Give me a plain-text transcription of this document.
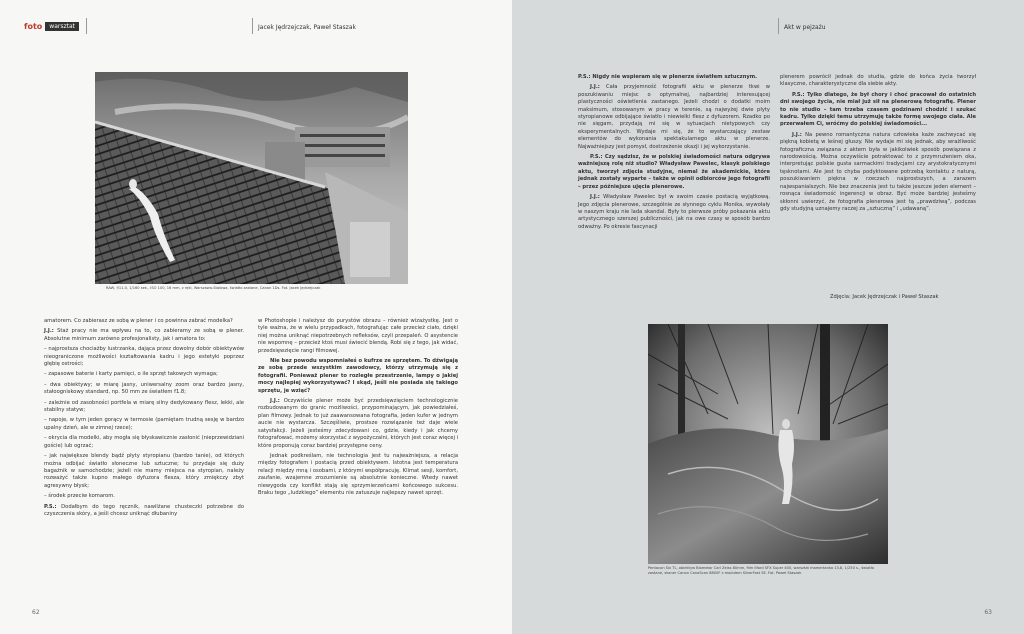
foto	warsztat	Jacek Jędrzejczak, Paweł Staszak
RAW, f/11.0, 1/160 sek., ISO 100, 16 mm, z ręki, Warszawa-Stalowa, światło zastane, Canon 1Ds. Fot. Jacek Jędrzejczak

amatorem. Co zabierasz ze sobą w plener i co powinna zabrać modelka?

J.J.: Staż pracy nie ma wpływu na to, co zabieramy ze sobą w plener. Absolutne minimum zarówno profesjonalisty, jak i amatora to:

– najprostsza chociażby lustrzanka, dająca przez dowolny dobór obiektywów nieograniczone możliwości kształtowania kadru i jego estetyki poprzez głębię ostrości;

– zapasowe baterie i karty pamięci, o ile sprzęt takowych wymaga;

– dwa obiektywy; w miarę jasny, uniwersalny zoom oraz bardzo jasny, stałoogniskowy standard, np. 50 mm ze światłem f1.8;

– zależnie od zasobności portfela w miarę silny dedykowany flesz, lekki, ale stabilny statyw;

– napoje, w tym jeden gorący w termosie (pamiętam trudną sesję w bardzo upalny dzień, ale w zimnej rzece);

– okrycia dla modelki, aby mogła się błyskawicznie zasłonić (nieprzewidziani goście) lub ogrzać;

– jak największe blendy bądź płyty styropianu (bardzo tanie), od których można odbijać światło słoneczne lub sztuczne; tu przydaje się duży bagażnik w samochodzie; jeżeli nie mamy miejsca na styropian, należy rozważyć także kupno małego dyfuzora flesza, który zmiękczy zbyt agresywny błysk;

– środek przeciw komarom.

P.S.: Dodałbym do tego ręcznik, nawilżane chusteczki potrzebne do czyszczenia skóry, a jeśli chcesz uniknąć dłubaniny

w Photoshopie i należysz do purystów obrazu – również wizażystkę. Jest o tyle ważna, że w wielu przypadkach, fotografując całe przecież ciało, dzięki niej można uniknąć niepotrzebnych refleksów, czyli przepaleń. O asystencie nie wspomnę – przecież ktoś musi świecić blendą. Robi się z tego, jak widać, przedsięwzięcie rangi filmowej.

Nie bez powodu wspomniałeś o kufrze ze sprzętem. To dźwigają ze sobą przede wszystkim zawodowcy, którzy utrzymują się z fotografii. Ponieważ plener to rozległe przestrzenie, lampy o jakiej mocy najlepiej wykorzystywać? I skąd, jeśli nie posiada się takiego sprzętu, je wziąć?

J.J.: Oczywiście plener może być przedsięwzięciem technologicznie rozbudowanym do granic możliwości, przypominającym, jak powiedziałeś, plan filmowy. Jednak to już zaawansowana fotografia, jeden kufer w jednym aucie nie wystarcza. Szczęśliwie, prostsze rozwiązanie też daje wiele satysfakcji. Jeżeli jesteśmy zdecydowani co, gdzie, kiedy i jak chcemy fotografować, możemy skorzystać z wypożyczalni, których jest coraz więcej i które proponują coraz bardziej przystępne ceny.

Jednak podkreślam, nie technologia jest tu najważniejsza, a relacja między fotografem i postacią przed obiektywem. Istotna jest temperatura relacji między mną i osobami, z którymi współpracuję. Klimat sesji, komfort, zaufanie, wzajemne zrozumienie są absolutnie konieczne. Wtedy nawet niewygoda czy konflikt stają się sprzymierzeńcami końcowego sukcesu. Braku tego „ludzkiego” elementu nie zatuszuje najlepszy nawet sprzęt.

62
Akt w pejzażu

P.S.: Nigdy nie wspieram się w plenerze światłem sztucznym.

J.J.: Cała przyjemność fotografii aktu w plenerze tkwi w poszukiwaniu miejsc o optymalnej, najbardziej interesującej plastyczności oświetlenia zastanego. Jeżeli chodzi o dodatki moim maksimum, stosowanym w pracy w terenie, są najwyżej dwie płyty styropianowe odbijające światło i niewielki flesz z dyfuzorem. Rzadko po nie sięgam, przydają mi się w sytuacjach nietypowych czy eksperymentalnych. Wydaje mi się, że to wystarczający zestaw elementów do wykonania spektakularnego aktu w plenerze. Najważniejszy jest pomysł, dostrzeżenie okazji i jej wykorzystanie.

P.S.: Czy sądzisz, że w polskiej świadomości natura odgrywa ważniejszą rolę niż studio? Władysław Pawelec, klasyk polskiego aktu, tworzył zdjęcia studyjne, niemal że akademickie, które jednak zostały wyparte – także w opinii odbiorców jego fotografii – przez późniejsze ujęcia plenerowe.

J.J.: Władysław Pawelec był w swoim czasie postacią wyjątkową. Jego zdjęcia plenerowe, szczególnie ze słynnego cyklu Monika, wywołały w naszym kraju nie lada skandal. Były to pierwsze próby pokazania aktu artystycznego szerszej publiczności, jak na owe czasy w sposób bardzo odważny. Po okresie fascynacji

plenerem powrócił jednak do studia, gdzie do końca życia tworzył klasyczne, charakterystyczne dla siebie akty.

P.S.: Tylko dlatego, że był chory i choć pracował do ostatnich dni swojego życia, nie miał już sił na plenerową fotografię. Plener to nie studio – tam trzeba czasem godzinami chodzić i szukać kadru. Tylko dzięki temu utrzymuję także formę swojego ciała. Ale przerwałem Ci, wróćmy do polskiej świadomości...

J.J.: Na pewno romantyczna natura człowieka każe zachwycać się piękną kobietą w leśnej głuszy. Nie wydaje mi się jednak, aby wrażliwość fotograficzna związana z aktem była w jakikolwiek sposób powiązana z narodowością. Można oczywiście potraktować to z przymrużeniem oka, interpretując polskie gusta sarmackimi tradycjami czy arystokratycznymi tęsknotami. Ale jest to chyba podyktowane potrzebą kontaktu z naturą, poszukiwaniem piękna w rzeczach najprostszych, a zarazem najwspanialszych. Nie bez znaczenia jest tu także jeszcze jeden element – rosnąca świadomość ingerencji w obraz. Być może bardziej jesteśmy skłonni uwierzyć, że fotografia plenerowa jest tą „prawdziwą”, podczas gdy studyjną uznajemy raczej za „sztuczną” i „udawaną”.

Zdjęcia: Jacek Jędrzejczak i Paweł Staszak
Pentacon Six TL, obiektyw Biometar Carl Zeiss 80mm, film Ilford SFX Super 400, warsztat mamertanka 13.8, 1/250 s., światło zastane, skaner Canon CanoScan 8800F z modułem SilverFast SE. Fot. Paweł Staszak
63
